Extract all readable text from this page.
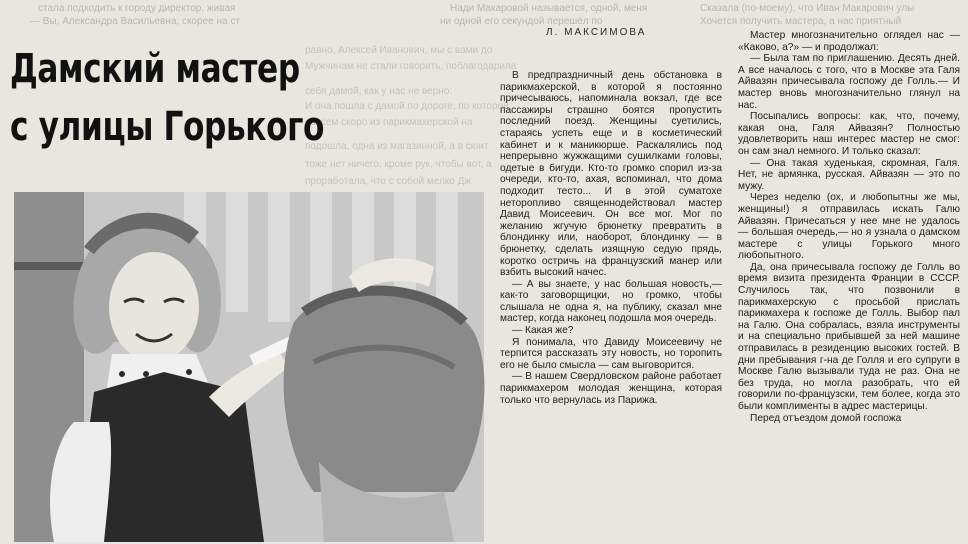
стала подходить к городу директор, живая
— Вы, Александра Васильевна, скорее на ст
равно, Алексей Иванович, мы с вами до
Мужчинам не стали говорить, поблагодарила
себя дамой, как у нас не верно:
И она пошла с дамой по дороге, по которой
совсем скоро из парикмахерской на
подошла, одна из магазинной, а в сюит
тоже нет ничего, кроме рук, чтобы вот, а
проработала, что с собой мелко Дж
Нади Макаровой называется, одной, меня
ни одной его секундой перешёл по	Хочется получить мастера, а нас приятный
Сказала (по-моему), что Иван Макарович улы
Дамский мастер
с улицы Горького
Л. МАКСИМОВА

В предпраздничный день обстановка в парикмахерской, в которой я постоянно причесываюсь, напоминала вокзал, где все пассажиры страшно боятся пропустить последний поезд. Женщины суетились, стараясь успеть еще и в косметический кабинет и к маникюрше. Раскалялись под непрерывно жужжащими сушилками головы, одетые в бигуди. Кто-то громко спорил из-за очереди, кто-то, ахая, вспоминал, что дома подходит тесто... И в этой суматохе неторопливо священнодействовал мастер Давид Моисеевич. Он все мог. Мог по желанию жгучую брюнетку превратить в блондинку или, наоборот, блондинку — в брюнетку, сделать изящную седую прядь, коротко остричь на французский манер или взбить высокий начес.

— А вы знаете, у нас большая новость,— как-то заговорщицки, но громко, чтобы слышала не одна я, на публику, сказал мне мастер, когда наконец подошла моя очередь.

— Какая же?

Я понимала, что Давиду Моисеевичу не терпится рассказать эту новость, но торопить его не было смысла — сам выговорится.

— В нашем Свердловском районе работает парикмахером молодая женщина, которая только что вернулась из Парижа.

Мастер многозначительно оглядел нас — «Каково, а?» — и продолжал:

— Была там по приглашению. Десять дней. А все началось с того, что в Москве эта Галя Айвазян причесывала госпожу де Голль.— И мастер вновь многозначительно глянул на нас.

Посыпались вопросы: как, что, почему, какая она, Галя Айвазян? Полностью удовлетворить наш интерес мастер не смог: он сам знал немного. И только сказал:

— Она такая худенькая, скромная, Галя. Нет, не армянка, русская. Айвазян — это по мужу.

Через неделю (ох, и любопытны же мы, женщины!) я отправилась искать Галю Айвазян. Причесаться у нее мне не удалось — большая очередь,— но я узнала о дамском мастере с улицы Горького много любопытного.

Да, она причесывала госпожу де Голль во время визита президента Франции в СССР. Случилось так, что позвонили в парикмахерскую с просьбой прислать парикмахера к госпоже де Голль. Выбор пал на Галю. Она собралась, взяла инструменты и на специально прибывшей за ней машине отправилась в резиденцию высоких гостей. В дни пребывания г-на де Голля и его супруги в Москве Галю вызывали туда не раз. Она не без труда, но могла разобрать, что ей говорили по-французски, тем более, когда это были комплименты в адрес мастерицы.

Перед отъездом домой госпожа
